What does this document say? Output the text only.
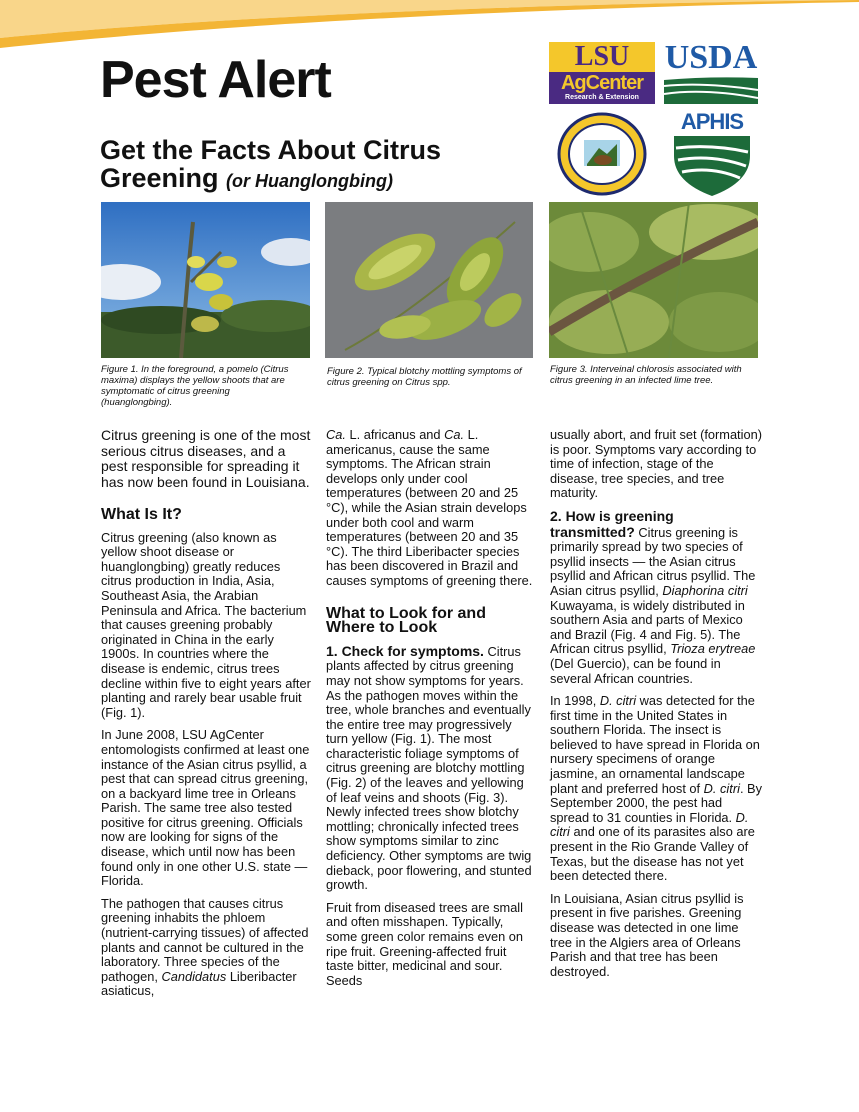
Pest Alert
Get the Facts About Citrus Greening (or Huanglongbing)
LSU
AgCenter
Research & Extension
USDA
APHIS
Figure 1. In the foreground, a pomelo (Citrus maxima) displays the yellow shoots that are symptomatic of citrus greening (huanglongbing).
Figure 2. Typical blotchy mottling symptoms of citrus greening on Citrus spp.
Figure 3. Interveinal chlorosis associated with citrus greening in an infected lime tree.

Citrus greening is one of the most serious citrus diseases, and a pest responsible for spreading it has now been found in Louisiana.

What Is It?

Citrus greening (also known as yellow shoot disease or huanglongbing) greatly reduces citrus production in India, Asia, Southeast Asia, the Arabian Peninsula and Africa. The bacterium that causes greening probably originated in China in the early 1900s. In countries where the disease is endemic, citrus trees decline within five to eight years after planting and rarely bear usable fruit (Fig. 1).

In June 2008, LSU AgCenter entomologists confirmed at least one instance of the Asian citrus psyllid, a pest that can spread citrus greening, on a backyard lime tree in Orleans Parish. The same tree also tested positive for citrus greening. Officials now are looking for signs of the disease, which until now has been found only in one other U.S. state — Florida.

The pathogen that causes citrus greening inhabits the phloem (nutrient-carrying tissues) of affected plants and cannot be cultured in the laboratory. Three species of the pathogen, Candidatus Liberibacter asiaticus,

Ca. L. africanus and Ca. L. americanus, cause the same symptoms. The African strain develops only under cool temperatures (between 20 and 25 °C), while the Asian strain develops under both cool and warm temperatures (between 20 and 35 °C). The third Liberibacter species has been discovered in Brazil and causes symptoms of greening there.

What to Look for and Where to Look

1. Check for symptoms. Citrus plants affected by citrus greening may not show symptoms for years. As the pathogen moves within the tree, whole branches and eventually the entire tree may progressively turn yellow (Fig. 1). The most characteristic foliage symptoms of citrus greening are blotchy mottling (Fig. 2) of the leaves and yellowing of leaf veins and shoots (Fig. 3). Newly infected trees show blotchy mottling; chronically infected trees show symptoms similar to zinc deficiency. Other symptoms are twig dieback, poor flowering, and stunted growth.

Fruit from diseased trees are small and often misshapen. Typically, some green color remains even on ripe fruit. Greening-affected fruit taste bitter, medicinal and sour. Seeds

usually abort, and fruit set (formation) is poor. Symptoms vary according to time of infection, stage of the disease, tree species, and tree maturity.

2. How is greening transmitted? Citrus greening is primarily spread by two species of psyllid insects — the Asian citrus psyllid and African citrus psyllid. The Asian citrus psyllid, Diaphorina citri Kuwayama, is widely distributed in southern Asia and parts of Mexico and Brazil (Fig. 4 and Fig. 5). The African citrus psyllid, Trioza erytreae (Del Guercio), can be found in several African countries.

In 1998, D. citri was detected for the first time in the United States in southern Florida. The insect is believed to have spread in Florida on nursery specimens of orange jasmine, an ornamental landscape plant and preferred host of D. citri. By September 2000, the pest had spread to 31 counties in Florida. D. citri and one of its parasites also are present in the Rio Grande Valley of Texas, but the disease has not yet been detected there.

In Louisiana, Asian citrus psyllid is present in five parishes. Greening disease was detected in one lime tree in the Algiers area of Orleans Parish and that tree has been destroyed.
